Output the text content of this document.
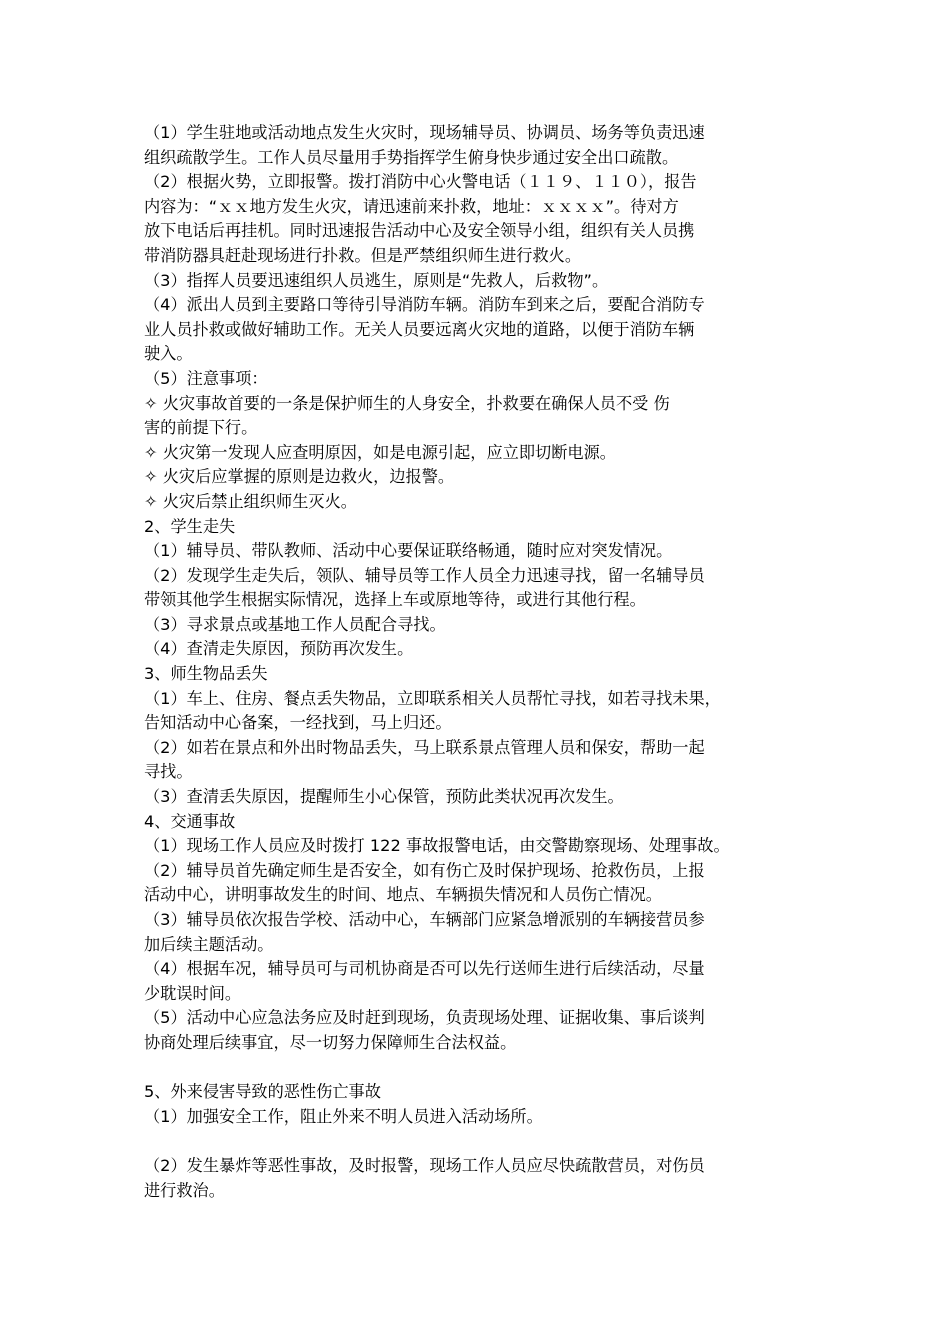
（1）学生驻地或活动地点发生火灾时，现场辅导员、协调员、场务等负责迅速
组织疏散学生。工作人员尽量用手势指挥学生俯身快步通过安全出口疏散。
（2）根据火势，立即报警。拨打消防中心火警电话（１１９、１１０），报告
内容为：“ｘｘ地方发生火灾，请迅速前来扑救，地址：ｘｘｘｘ”。待对方
放下电话后再挂机。同时迅速报告活动中心及安全领导小组，组织有关人员携
带消防器具赶赴现场进行扑救。但是严禁组织师生进行救火。
（3）指挥人员要迅速组织人员逃生，原则是“先救人，后救物”。
（4）派出人员到主要路口等待引导消防车辆。消防车到来之后，要配合消防专
业人员扑救或做好辅助工作。无关人员要远离火灾地的道路，以便于消防车辆
驶入。
（5）注意事项：
✧ 火灾事故首要的一条是保护师生的人身安全，扑救要在确保人员不受 伤
害的前提下行。
✧ 火灾第一发现人应查明原因，如是电源引起，应立即切断电源。
✧ 火灾后应掌握的原则是边救火，边报警。
✧ 火灾后禁止组织师生灭火。
2、学生走失
（1）辅导员、带队教师、活动中心要保证联络畅通，随时应对突发情况。
（2）发现学生走失后，领队、辅导员等工作人员全力迅速寻找，留一名辅导员
带领其他学生根据实际情况，选择上车或原地等待，或进行其他行程。
（3）寻求景点或基地工作人员配合寻找。
（4）查清走失原因，预防再次发生。
3、师生物品丢失
（1）车上、住房、餐点丢失物品，立即联系相关人员帮忙寻找，如若寻找未果，
告知活动中心备案，一经找到，马上归还。
（2）如若在景点和外出时物品丢失，马上联系景点管理人员和保安，帮助一起
寻找。
（3）查清丢失原因，提醒师生小心保管，预防此类状况再次发生。
4、交通事故
（1）现场工作人员应及时拨打 122 事故报警电话，由交警勘察现场、处理事故。
（2）辅导员首先确定师生是否安全，如有伤亡及时保护现场、抢救伤员，上报
活动中心，讲明事故发生的时间、地点、车辆损失情况和人员伤亡情况。
（3）辅导员依次报告学校、活动中心，车辆部门应紧急增派别的车辆接营员参
加后续主题活动。
（4）根据车况，辅导员可与司机协商是否可以先行送师生进行后续活动，尽量
少耽误时间。
（5）活动中心应急法务应及时赶到现场，负责现场处理、证据收集、事后谈判
协商处理后续事宜，尽一切努力保障师生合法权益。
5、外来侵害导致的恶性伤亡事故
（1）加强安全工作，阻止外来不明人员进入活动场所。
（2）发生暴炸等恶性事故，及时报警，现场工作人员应尽快疏散营员，对伤员
进行救治。
